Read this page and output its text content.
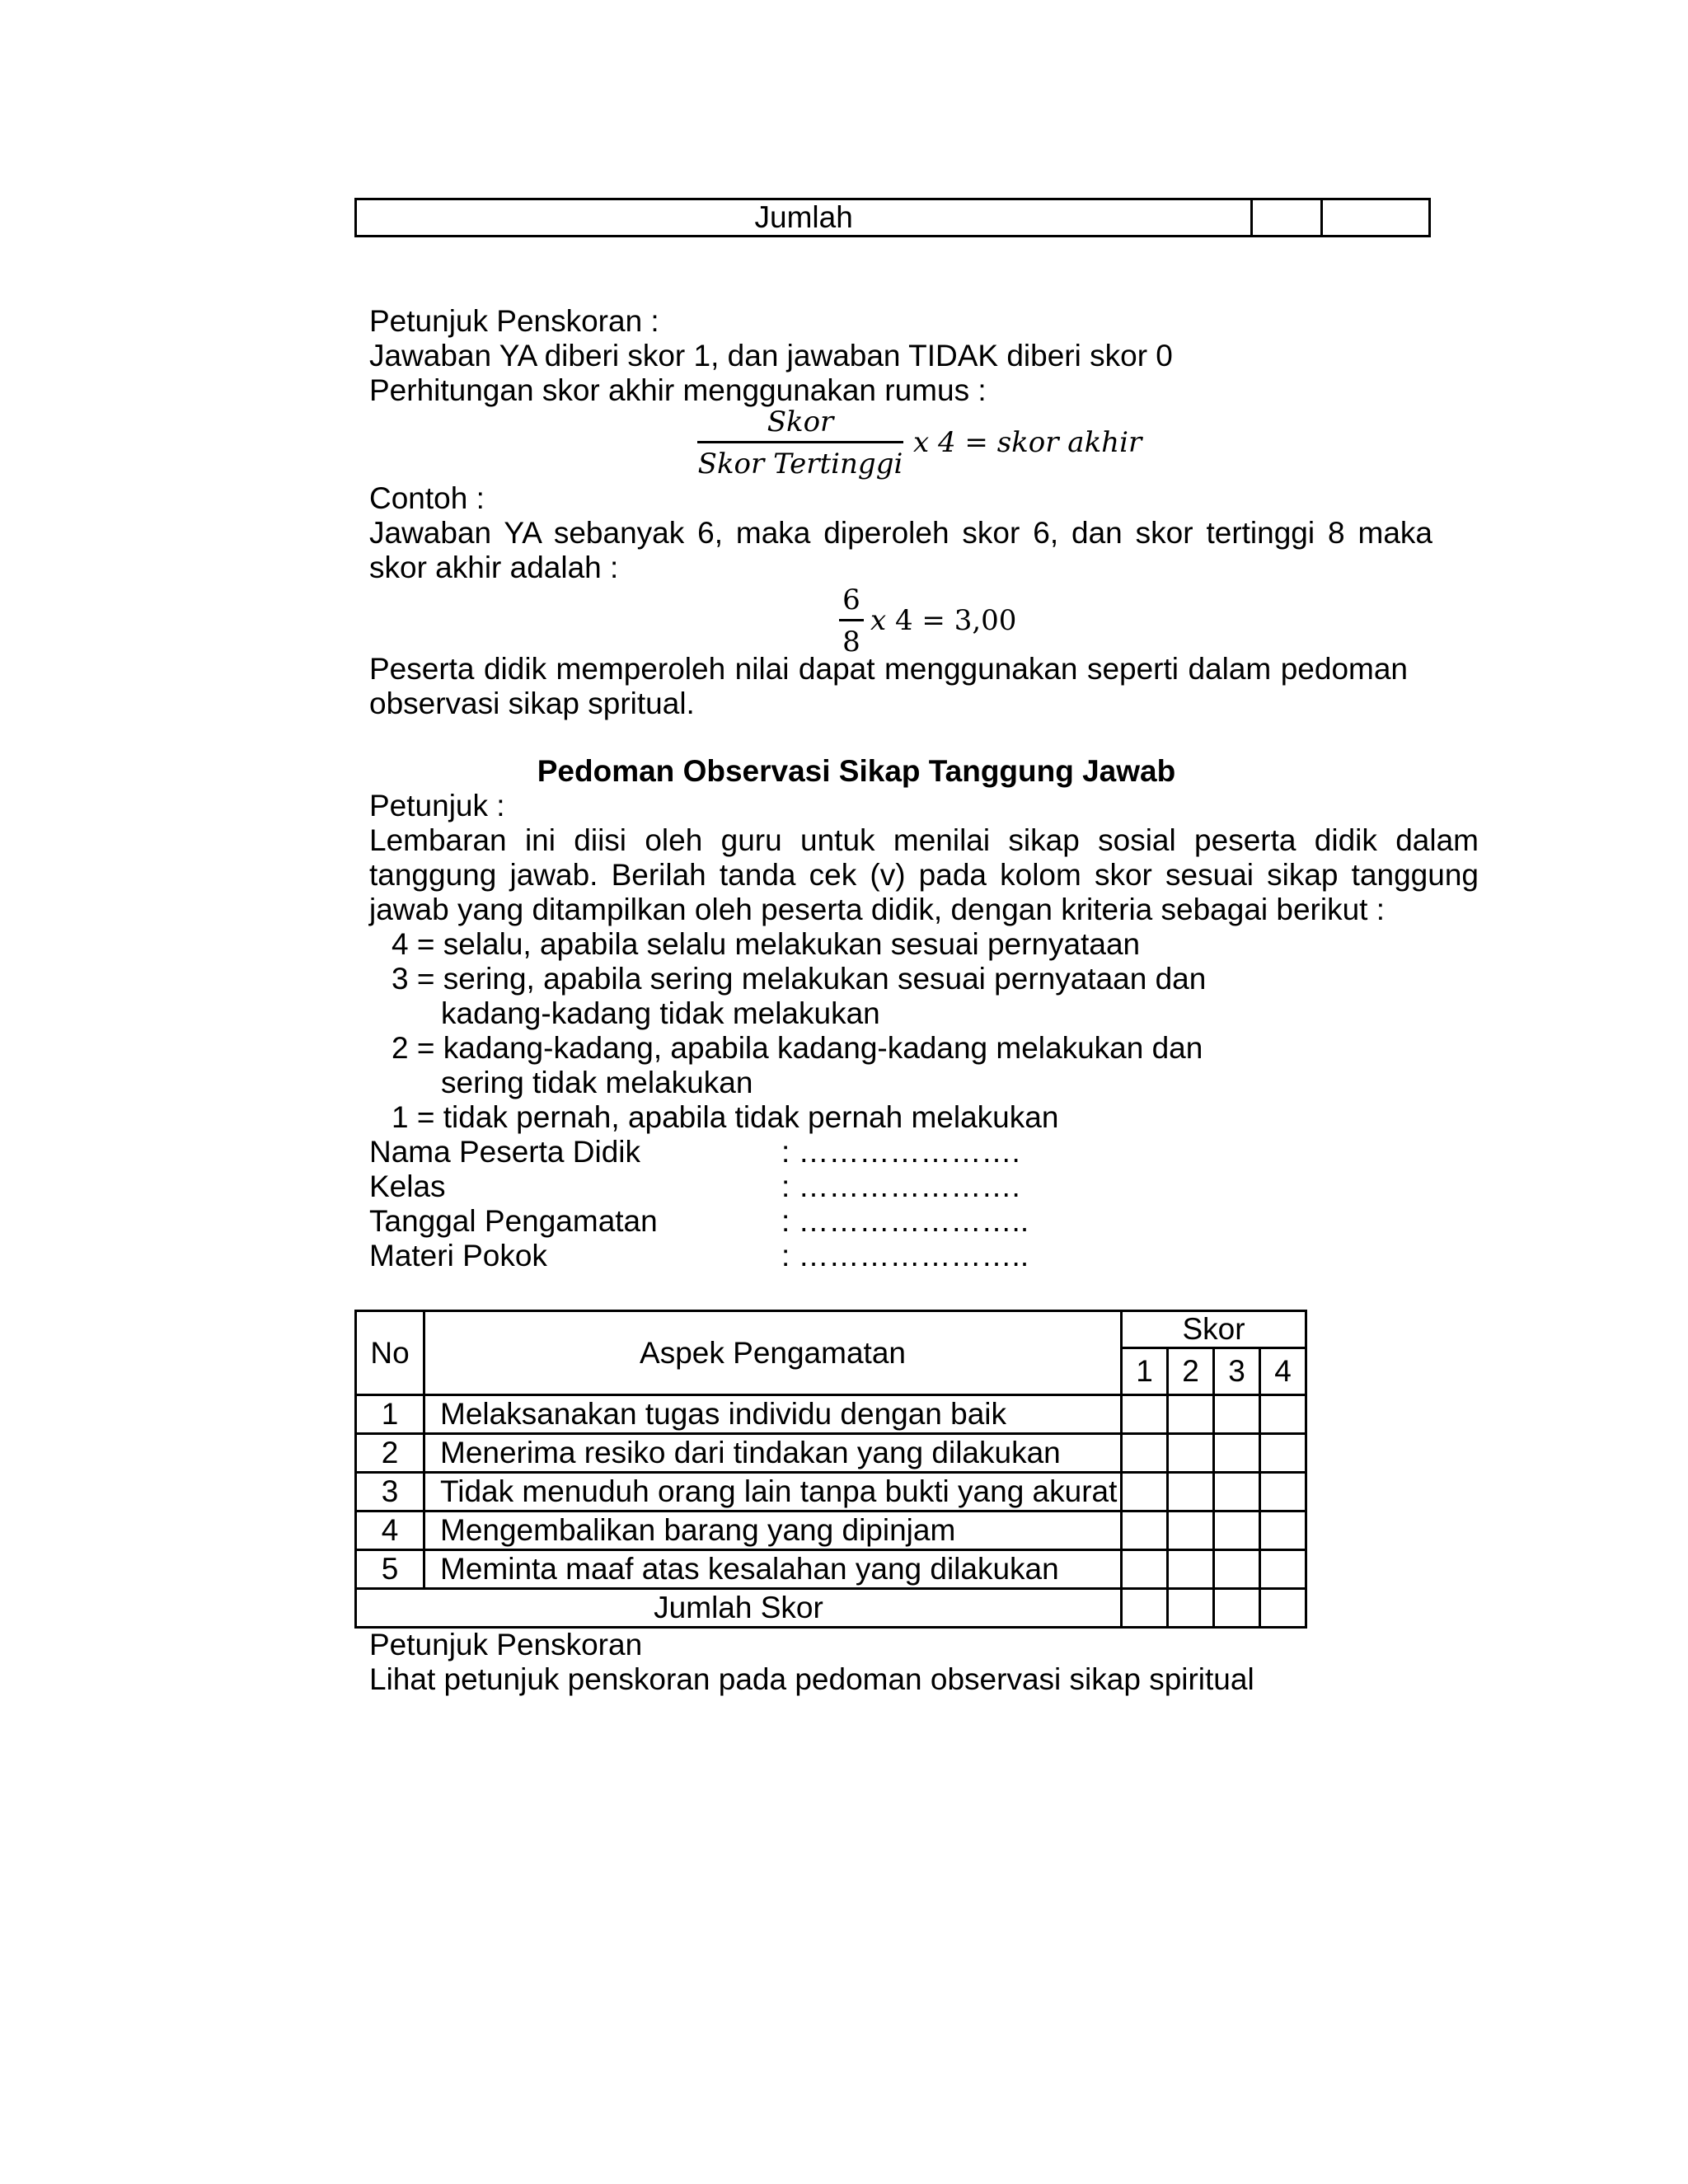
Jumlah		
Petunjuk Penskoran :
Jawaban YA diberi skor 1, dan jawaban TIDAK diberi skor 0
Perhitungan skor akhir menggunakan rumus :
Skor
Skor Tertinggi
x 4 = skor akhir
Contoh :
Jawaban YA sebanyak 6, maka diperoleh skor 6, dan skor tertinggi 8 maka skor akhir adalah :
6
8
x 4 = 3,00
Peserta didik memperoleh nilai dapat menggunakan seperti dalam pedoman observasi sikap spritual.
Pedoman Observasi Sikap Tanggung Jawab
Petunjuk :
Lembaran ini diisi oleh guru untuk menilai sikap sosial peserta didik dalam tanggung jawab. Berilah tanda cek (v) pada kolom skor sesuai sikap tanggung jawab yang ditampilkan oleh peserta didik, dengan kriteria sebagai berikut :
4 = selalu, apabila selalu melakukan sesuai pernyataan
3 = sering, apabila sering melakukan sesuai pernyataan dan
kadang-kadang tidak melakukan
2 = kadang-kadang, apabila kadang-kadang melakukan dan
sering tidak melakukan
1 = tidak pernah, apabila tidak pernah melakukan
Nama Peserta Didik	: ………………….
Kelas	: ………………….
Tanggal Pengamatan	: …………………..
Materi Pokok	: …………………..
No	Aspek Pengamatan	Skor			
		1	2	3	4
1	Melaksanakan tugas individu dengan baik				
2	Menerima resiko dari tindakan yang dilakukan				
3	Tidak menuduh orang lain tanpa bukti yang akurat				
4	Mengembalikan barang yang dipinjam				
5	Meminta maaf atas kesalahan yang dilakukan				
Jumlah Skor					
Petunjuk Penskoran
Lihat petunjuk penskoran pada pedoman observasi sikap spiritual
